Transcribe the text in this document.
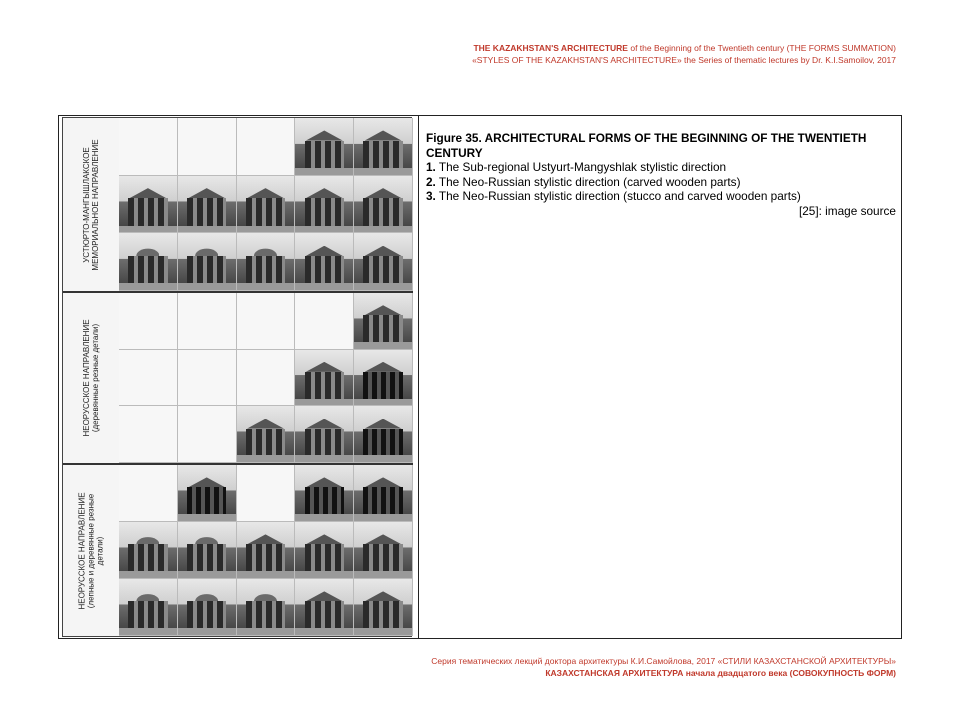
THE KAZAKHSTAN'S ARCHITECTURE of the Beginning of the Twentieth century (THE FORMS SUMMATION)
«STYLES OF THE KAZAKHSTAN'S ARCHITECTURE» the Series of thematic lectures by Dr. K.I.Samoilov, 2017
УСТЮРТО-МАНГЫШЛАКСКОЕ
МЕМОРИАЛЬНОЕ НАПРАВЛЕНИЕ
НЕОРУССКОЕ НАПРАВЛЕНИЕ
(деревянные резные детали)
НЕОРУССКОЕ НАПРАВЛЕНИЕ
(лепные и деревянные резные
детали)
Figure 35. ARCHITECTURAL FORMS OF THE BEGINNING OF THE TWENTIETH CENTURY
1. The Sub-regional Ustyurt-Mangyshlak stylistic direction
2. The Neo-Russian stylistic direction (carved wooden parts)
3. The Neo-Russian stylistic direction (stucco and carved wooden parts)
[25]: image source
Серия тематических лекций доктора архитектуры К.И.Самойлова, 2017 «СТИЛИ КАЗАХСТАНСКОЙ АРХИТЕКТУРЫ»
КАЗАХСТАНСКАЯ АРХИТЕКТУРА начала двадцатого века (СОВОКУПНОСТЬ ФОРМ)
